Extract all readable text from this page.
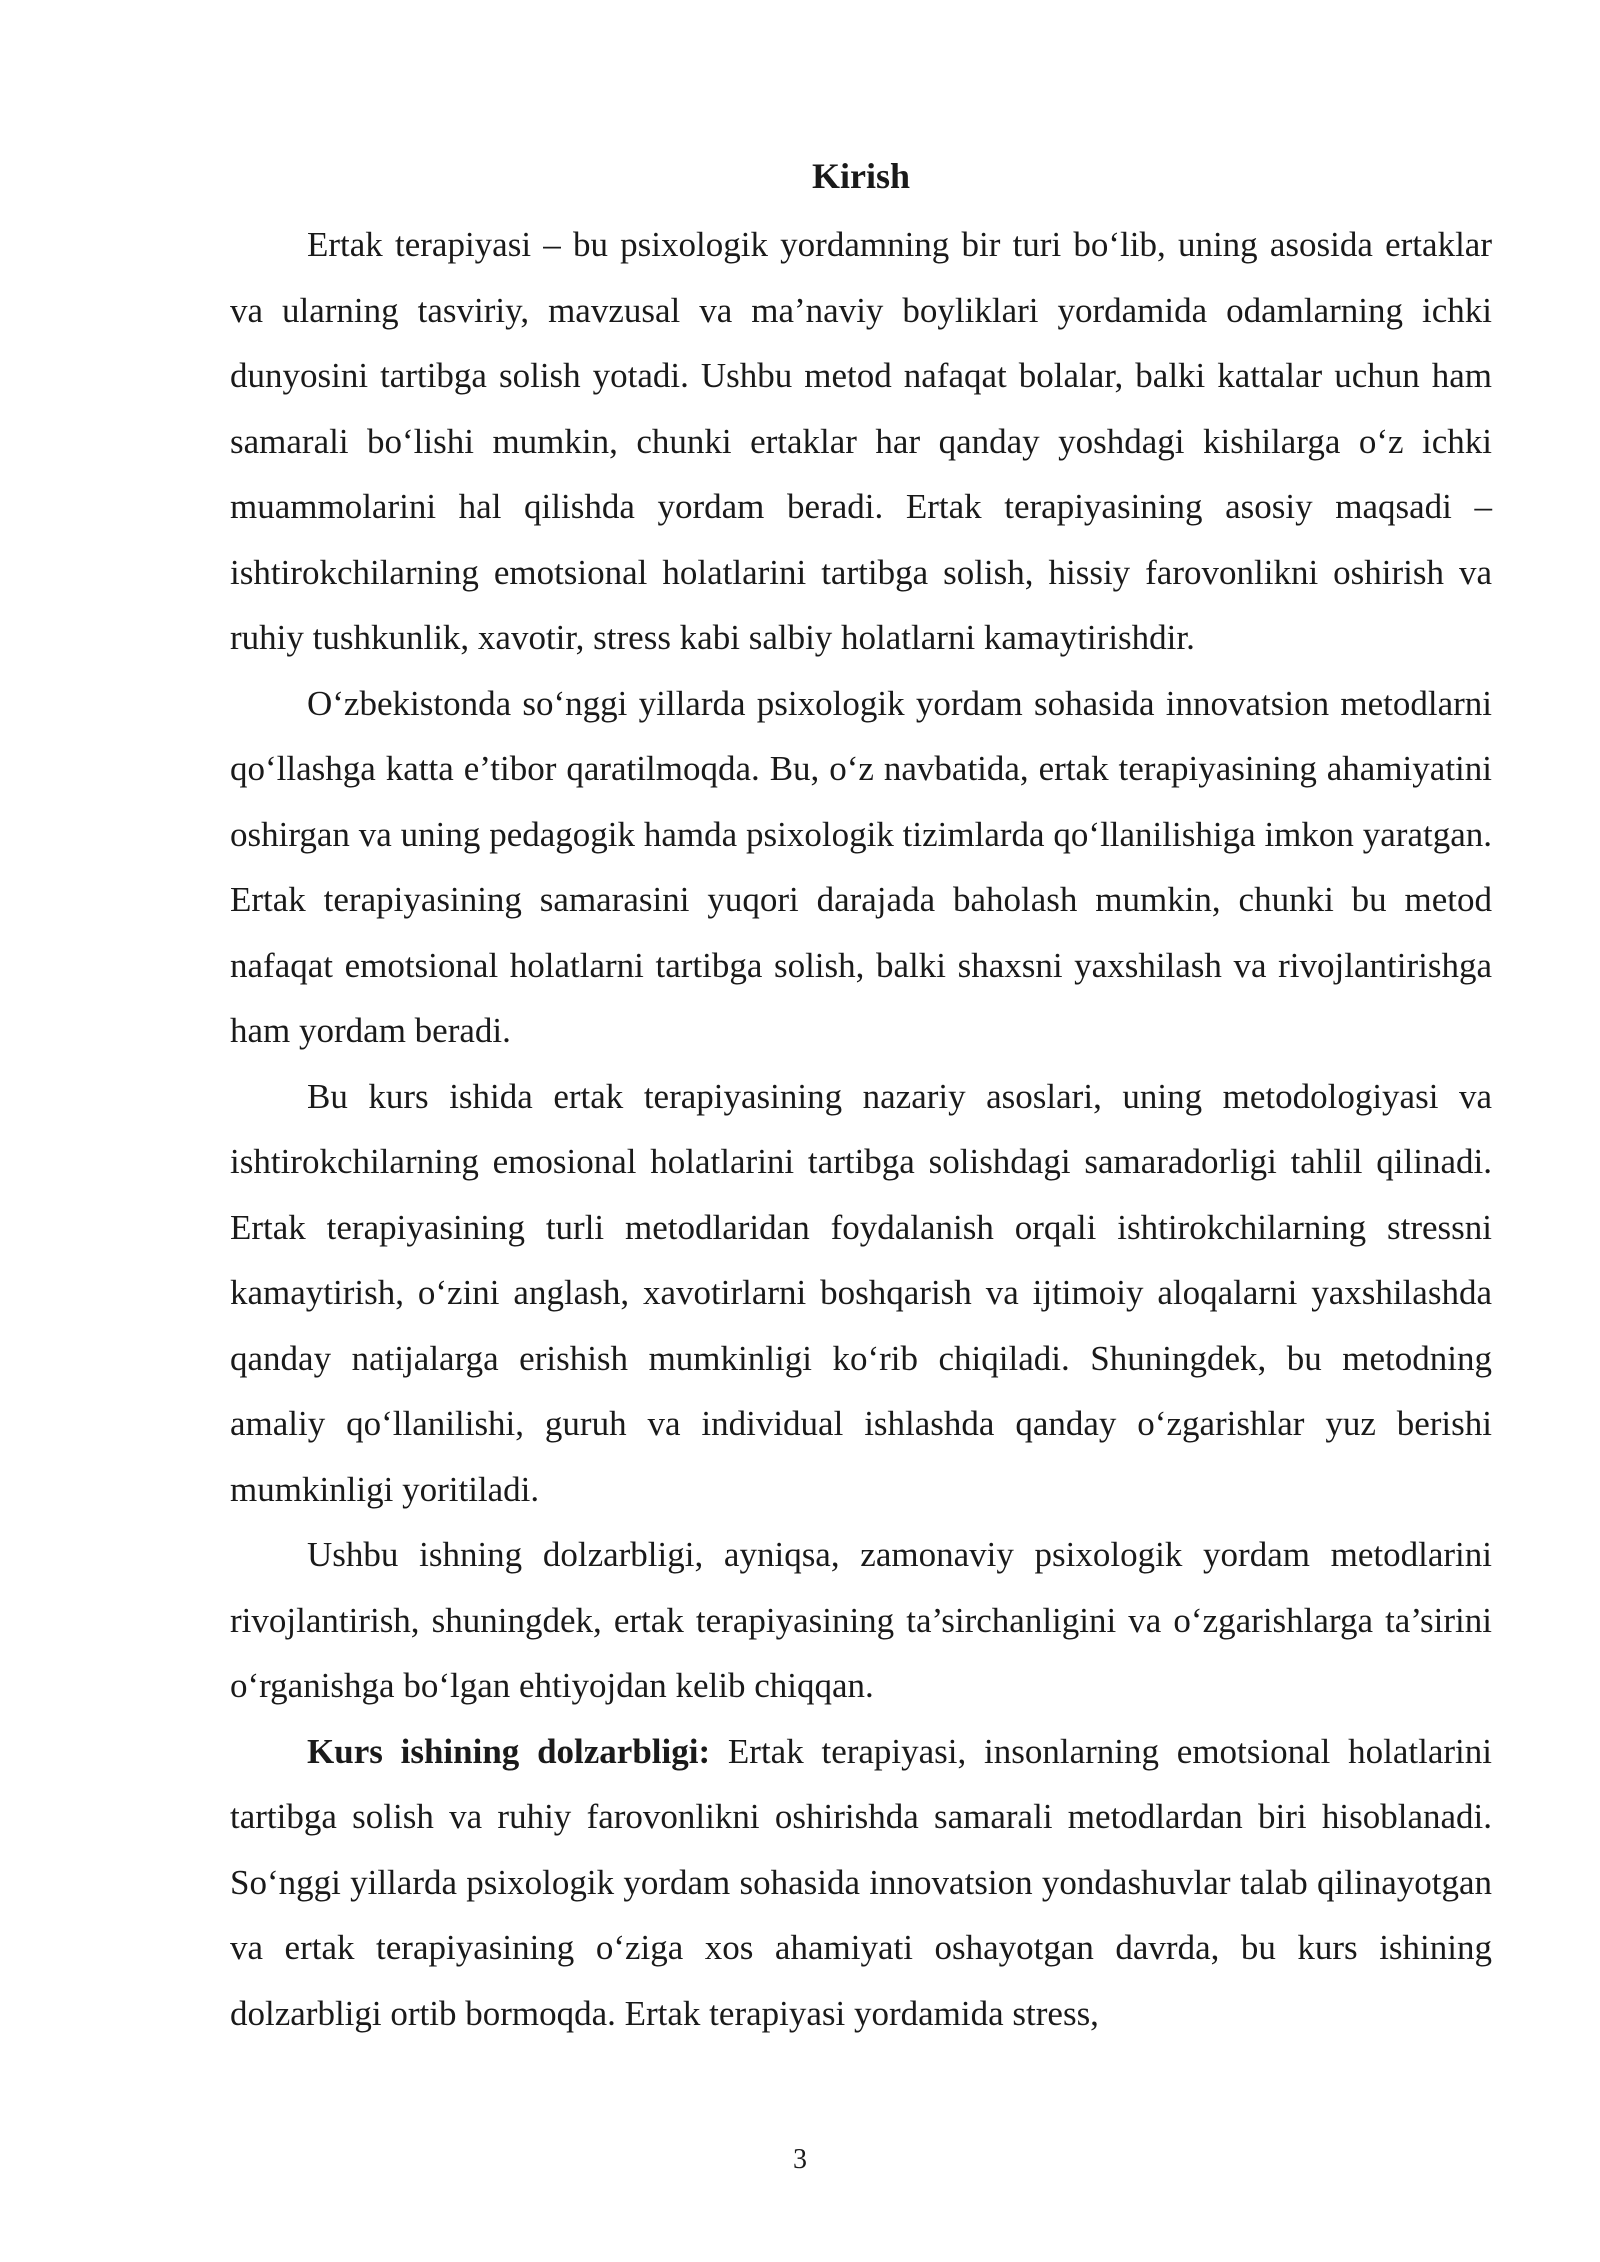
Kirish

Ertak terapiyasi – bu psixologik yordamning bir turi bo‘lib, uning asosida ertaklar va ularning tasviriy, mavzusal va ma’naviy boyliklari yordamida odamlarning ichki dunyosini tartibga solish yotadi. Ushbu metod nafaqat bolalar, balki kattalar uchun ham samarali bo‘lishi mumkin, chunki ertaklar har qanday yoshdagi kishilarga o‘z ichki muammolarini hal qilishda yordam beradi. Ertak terapiyasining asosiy maqsadi – ishtirokchilarning emotsional holatlarini tartibga solish, hissiy farovonlikni oshirish va ruhiy tushkunlik, xavotir, stress kabi salbiy holatlarni kamaytirishdir.

O‘zbekistonda so‘nggi yillarda psixologik yordam sohasida innovatsion metodlarni qo‘llashga katta e’tibor qaratilmoqda. Bu, o‘z navbatida, ertak terapiyasining ahamiyatini oshirgan va uning pedagogik hamda psixologik tizimlarda qo‘llanilishiga imkon yaratgan. Ertak terapiyasining samarasini yuqori darajada baholash mumkin, chunki bu metod nafaqat emotsional holatlarni tartibga solish, balki shaxsni yaxshilash va rivojlantirishga ham yordam beradi.

Bu kurs ishida ertak terapiyasining nazariy asoslari, uning metodologiyasi va ishtirokchilarning emosional holatlarini tartibga solishdagi samaradorligi tahlil qilinadi. Ertak terapiyasining turli metodlaridan foydalanish orqali ishtirokchilarning stressni kamaytirish, o‘zini anglash, xavotirlarni boshqarish va ijtimoiy aloqalarni yaxshilashda qanday natijalarga erishish mumkinligi ko‘rib chiqiladi. Shuningdek, bu metodning amaliy qo‘llanilishi, guruh va individual ishlashda qanday o‘zgarishlar yuz berishi mumkinligi yoritiladi.

Ushbu ishning dolzarbligi, ayniqsa, zamonaviy psixologik yordam metodlarini rivojlantirish, shuningdek, ertak terapiyasining ta’sirchanligini va o‘zgarishlarga ta’sirini o‘rganishga bo‘lgan ehtiyojdan kelib chiqqan.

Kurs ishining dolzarbligi: Ertak terapiyasi, insonlarning emotsional holatlarini tartibga solish va ruhiy farovonlikni oshirishda samarali metodlardan biri hisoblanadi. So‘nggi yillarda psixologik yordam sohasida innovatsion yondashuvlar talab qilinayotgan va ertak terapiyasining o‘ziga xos ahamiyati oshayotgan davrda, bu kurs ishining dolzarbligi ortib bormoqda. Ertak terapiyasi yordamida stress,

3
